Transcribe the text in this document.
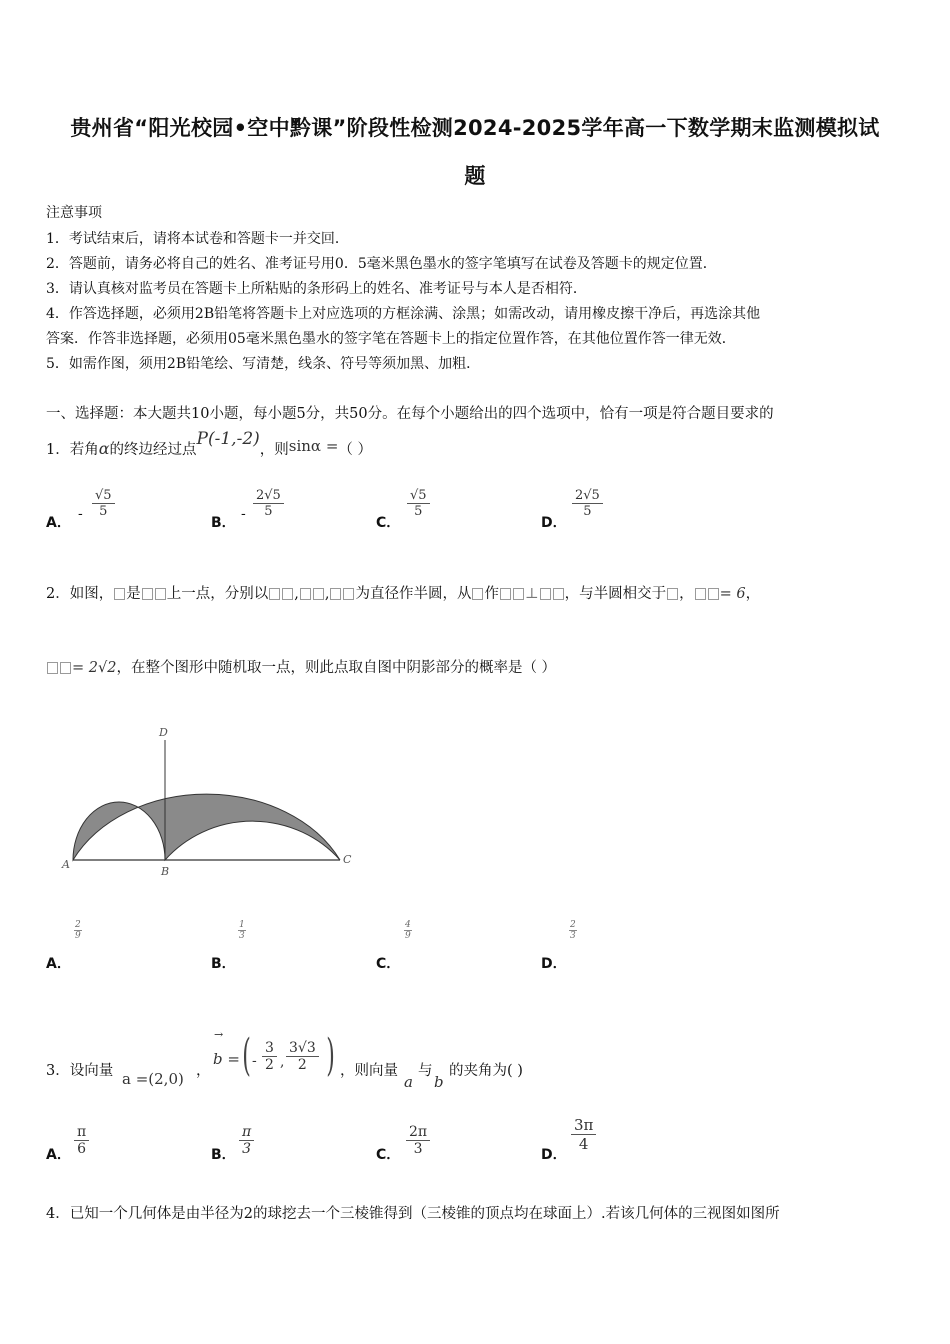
贵州省“阳光校园•空中黔课”阶段性检测2024-2025学年高一下数学期末监测模拟试
题
注意事项
1．考试结束后，请将本试卷和答题卡一并交回．
2．答题前，请务必将自己的姓名、准考证号用0．5毫米黑色墨水的签字笔填写在试卷及答题卡的规定位置．
3．请认真核对监考员在答题卡上所粘贴的条形码上的姓名、准考证号与本人是否相符．
4．作答选择题，必须用2B铅笔将答题卡上对应选项的方框涂满、涂黑；如需改动，请用橡皮擦干净后，再选涂其他
答案．作答非选择题，必须用05毫米黑色墨水的签字笔在答题卡上的指定位置作答，在其他位置作答一律无效．
5．如需作图，须用2B铅笔绘、写清楚，线条、符号等须加黑、加粗．
一、选择题：本大题共10小题，每小题5分，共50分。在每个小题给出的四个选项中，恰有一项是符合题目要求的
1．若角α的终边经过点P(-1,-2)，则sinα =（ ）
A．
- $\frac{√5}{5}$
B．
- $\frac{2√5}{5}$
C．
$\frac{√5}{5}$
D．
$\frac{2√5}{5}$
2．如图， 是 上一点，分别以 , , 为直径作半圆，从 作 ⊥ ，与半圆相交于 ， = 6，
= 2√2，在整个图形中随机取一点，则此点取自图中阴影部分的概率是（ ）
A
B
C
D
$\frac{2}{9}$
A．
$\frac{1}{3}$
B．
$\frac{4}{9}$
C．
$\frac{2}{3}$
D．
3．设向量 a =(2,0) ，
→
b = ( - $\frac{3}{2}$ , $\frac{3√3}{2}$ ) ，则向量
a
与
b
的夹角为( )
A． $\frac{\pi}{6}$	B． $\frac{\pi}{3}$	C． $\frac{2\pi}{3}$	D．
$\frac{3\pi}{4}$
4．已知一个几何体是由半径为2的球挖去一个三棱锥得到（三棱锥的顶点均在球面上）.若该几何体的三视图如图所
